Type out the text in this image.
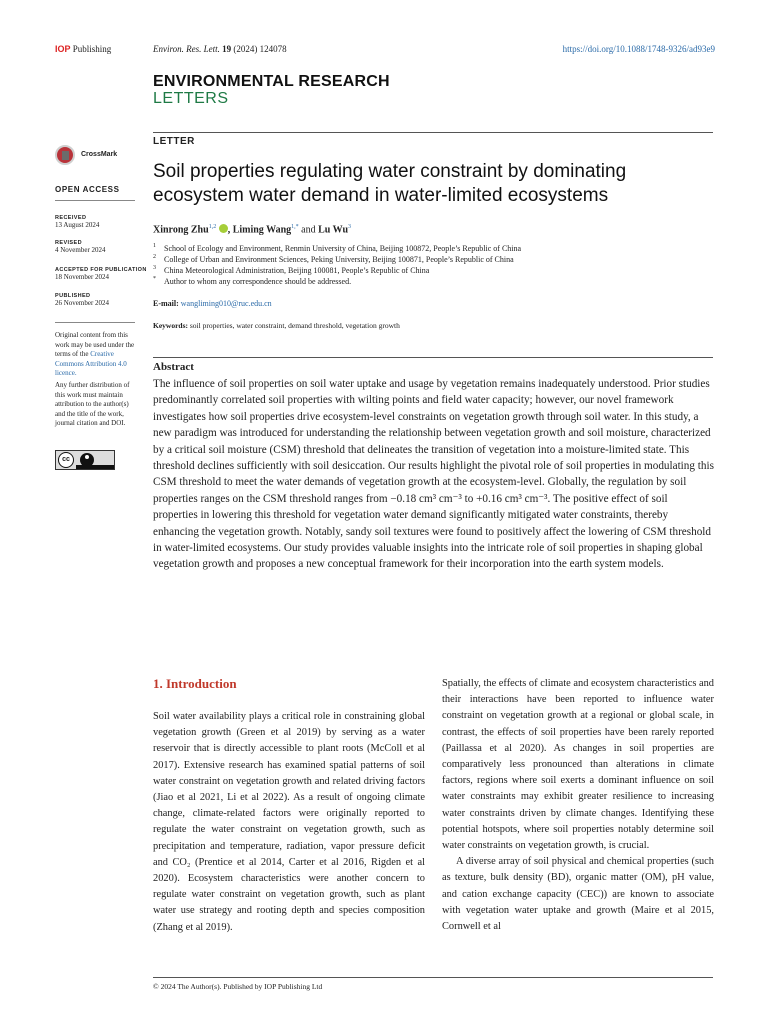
IOP Publishing	Environ. Res. Lett. 19 (2024) 124078	https://doi.org/10.1088/1748-9326/ad93e9
ENVIRONMENTAL RESEARCH
LETTERS
LETTER
CrossMark
Soil properties regulating water constraint by dominating ecosystem water demand in water-limited ecosystems
OPEN ACCESS
RECEIVED
13 August 2024
REVISED
4 November 2024
ACCEPTED FOR PUBLICATION
18 November 2024
PUBLISHED
26 November 2024

Original content from this work may be used under the terms of the Creative Commons Attribution 4.0 licence.

Any further distribution of this work must maintain attribution to the author(s) and the title of the work, journal citation and DOI.

cc
Xinrong Zhu$^{1,2}$ , Liming Wang$^{1,*}$ and Lu Wu$^3$
1 School of Ecology and Environment, Renmin University of China, Beijing 100872, People’s Republic of China
2 College of Urban and Environment Sciences, Peking University, Beijing 100871, People’s Republic of China
3 China Meteorological Administration, Beijing 100081, People’s Republic of China
* Author to whom any correspondence should be addressed.
E-mail: wangliming010@ruc.edu.cn
Keywords: soil properties, water constraint, demand threshold, vegetation growth
Abstract
The influence of soil properties on soil water uptake and usage by vegetation remains inadequately understood. Prior studies predominantly correlated soil properties with wilting points and field water capacity; however, our novel framework investigates how soil properties drive ecosystem-level constraints on vegetation growth through soil water. In this study, a new paradigm was introduced for understanding the relationship between vegetation growth and soil moisture, characterized by a critical soil moisture (CSM) threshold that delineates the transition of vegetation into a moisture-limited state. This threshold declines sufficiently with soil desiccation. Our results highlight the pivotal role of soil properties in modulating this CSM threshold to meet the water demands of vegetation growth at the ecosystem-level. Globally, the regulation by soil properties ranges on the CSM threshold ranges from −0.18 cm³ cm⁻³ to +0.16 cm³ cm⁻³. The positive effect of soil properties in lowering this threshold for vegetation water demand significantly mitigated water constraints, thereby enhancing the vegetation growth. Notably, sandy soil textures were found to positively affect the lowering of CSM threshold in water-limited ecosystems. Our study provides valuable insights into the intricate role of soil properties in shaping global vegetation growth and proposes a new conceptual framework for their incorporation into the earth system models.
1. Introduction

Soil water availability plays a critical role in constraining global vegetation growth (Green et al 2019) by serving as a water reservoir that is directly accessible to plant roots (McColl et al 2017). Extensive research has examined spatial patterns of soil water constraint on vegetation growth and related driving factors (Jiao et al 2021, Li et al 2022). As a result of ongoing climate change, climate-related factors were originally reported to regulate the water constraint on vegetation growth, such as precipitation and temperature, radiation, vapor pressure deficit and CO₂ (Prentice et al 2014, Carter et al 2016, Rigden et al 2020). Ecosystem characteristics were another concern to regulate water constraint on vegetation growth, such as plant water use strategy and rooting depth and species composition (Zhang et al 2019).

Spatially, the effects of climate and ecosystem characteristics and their interactions have been reported to influence water constraint on vegetation growth at a regional or global scale, in contrast, the effects of soil properties have been rarely reported (Paillassa et al 2020). As changes in soil properties are comparatively less pronounced than alterations in climate factors, regions where soil exerts a dominant influence on soil water constraints may exhibit greater resilience to increasing water constraints driven by climate changes. Identifying these potential hotspots, where soil properties notably determine soil water constraints on vegetation growth, is crucial.

A diverse array of soil physical and chemical properties (such as texture, bulk density (BD), organic matter (OM), pH value, and cation exchange capacity (CEC)) are known to associate with vegetation water uptake and growth (Maire et al 2015, Cornwell et al

© 2024 The Author(s). Published by IOP Publishing Ltd
